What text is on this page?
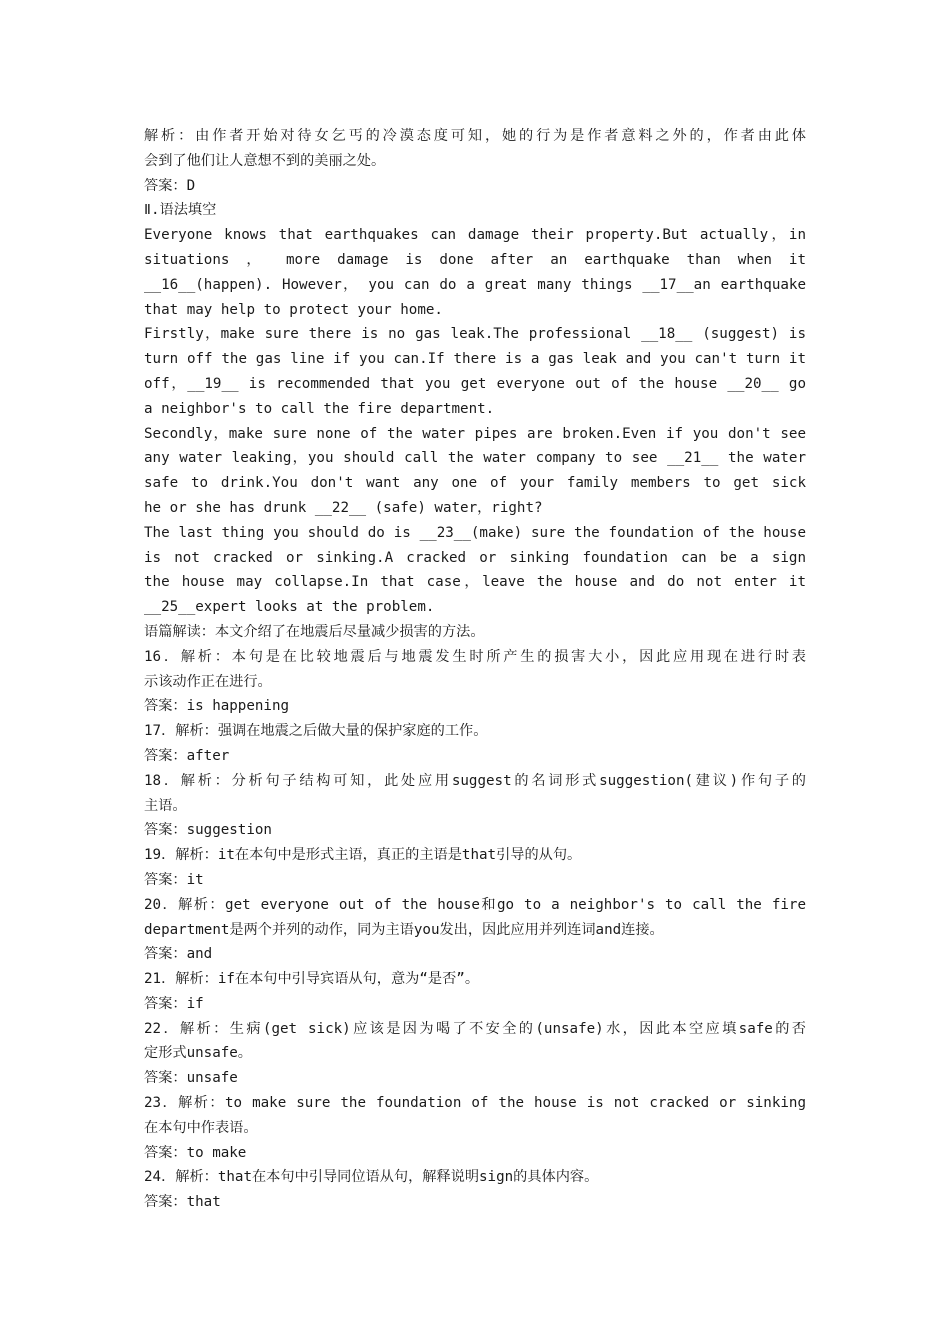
解析：由作者开始对待女乞丐的冷漠态度可知，她的行为是作者意料之外的，作者由此体
会到了他们让人意想不到的美丽之处。
答案：D
Ⅱ.语法填空
Everyone knows that earthquakes can damage their property.But actually，in
situations ， more damage is done after an earthquake than when it
__16__(happen). However， you can do a great many things __17__an earthquake
that may help to protect your home.
Firstly，make sure there is no gas leak.The professional __18__ (suggest) is
turn off the gas line if you can.If there is a gas leak and you can't turn it
off，__19__ is recommended that you get everyone out of the house __20__ go
a neighbor's to call the fire department.
Secondly，make sure none of the water pipes are broken.Even if you don't see
any water leaking，you should call the water company to see __21__ the water
safe to drink.You don't want any one of your family members to get sick
he or she has drunk __22__ (safe) water，right?
The last thing you should do is __23__(make) sure the foundation of the house
is not cracked or sinking.A cracked or sinking foundation can be a sign
the house may collapse.In that case，leave the house and do not enter it
__25__expert looks at the problem.
语篇解读：本文介绍了在地震后尽量减少损害的方法。
16．解析：本句是在比较地震后与地震发生时所产生的损害大小，因此应用现在进行时表
示该动作正在进行。
答案：is happening
17．解析：强调在地震之后做大量的保护家庭的工作。
答案：after
18．解析：分析句子结构可知，此处应用suggest的名词形式suggestion(建议)作句子的
主语。
答案：suggestion
19．解析：it在本句中是形式主语，真正的主语是that引导的从句。
答案：it
20．解析：get everyone out of the house和go to a neighbor's to call the fire
department是两个并列的动作，同为主语you发出，因此应用并列连词and连接。
答案：and
21．解析：if在本句中引导宾语从句，意为“是否”。
答案：if
22．解析：生病(get sick)应该是因为喝了不安全的(unsafe)水，因此本空应填safe的否
定形式unsafe。
答案：unsafe
23．解析：to make sure the foundation of the house is not cracked or sinking
在本句中作表语。
答案：to make
24．解析：that在本句中引导同位语从句，解释说明sign的具体内容。
答案：that
